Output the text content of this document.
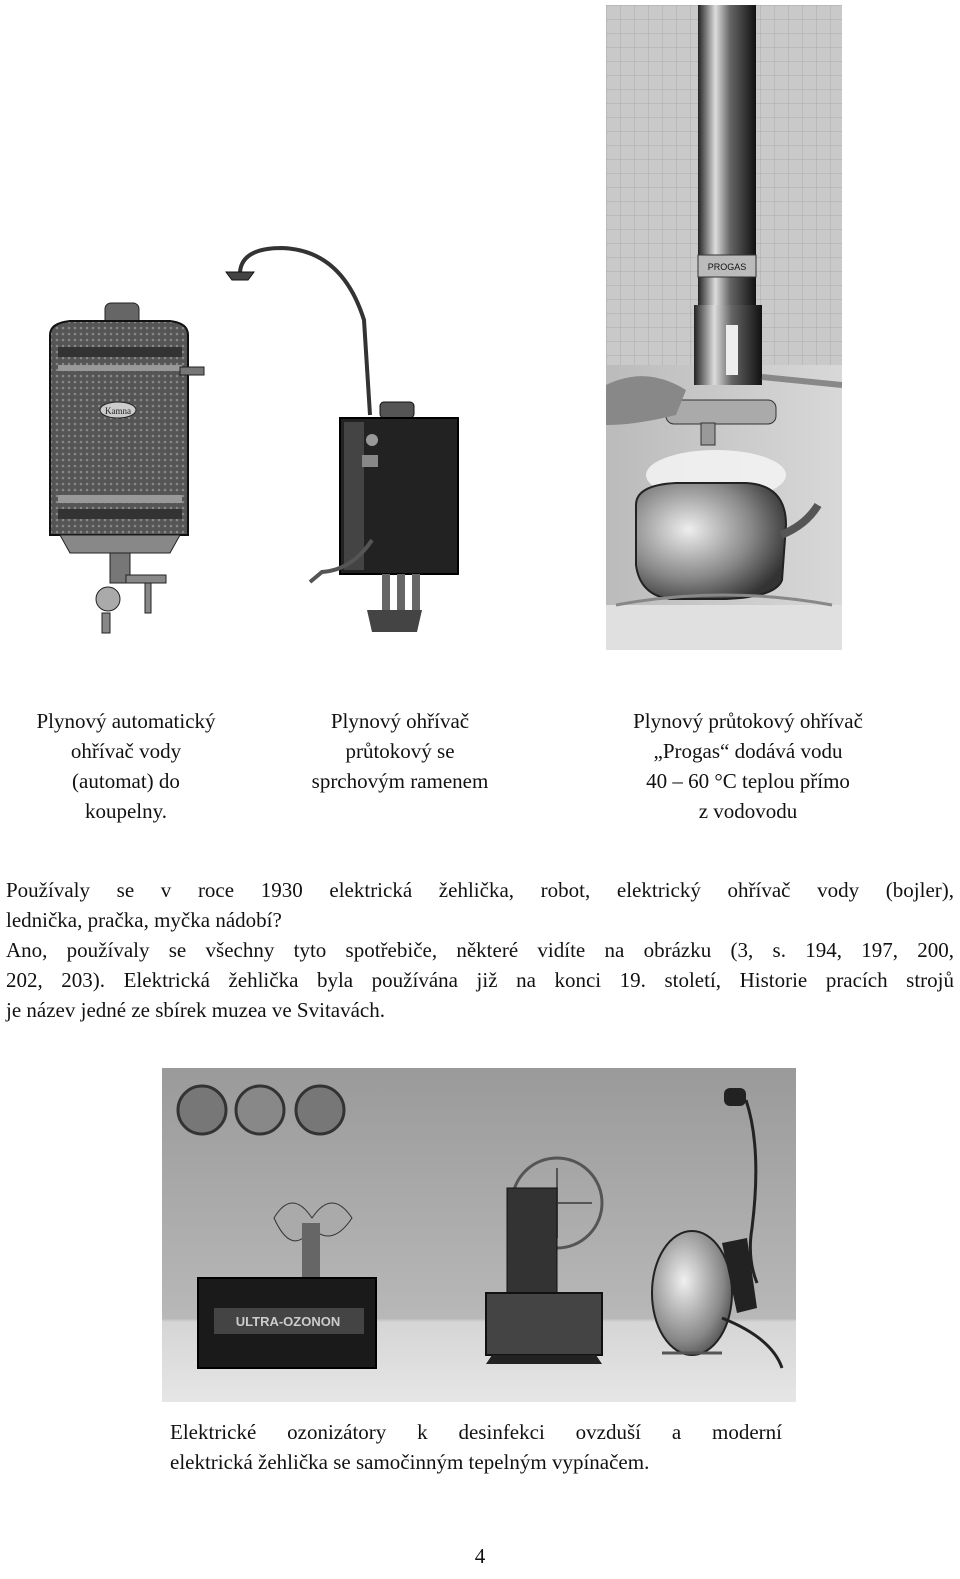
Kamna
PROGAS
Plynový automatický
ohřívač vody
(automat) do
koupelny.
Plynový ohřívač
průtokový se
sprchovým ramenem
Plynový průtokový ohřívač
„Progas“ dodává vodu
40 – 60 °C teplou přímo
z vodovodu
Používaly se v roce 1930 elektrická žehlička, robot, elektrický ohřívač vody (bojler),
lednička, pračka, myčka nádobí?
Ano, používaly se všechny tyto spotřebiče, některé vidíte na obrázku (3, s. 194, 197, 200,
202, 203). Elektrická žehlička byla používána již na konci 19. století, Historie pracích strojů
je název jedné ze sbírek muzea ve Svitavách.
ULTRA-OZONON
Elektrické ozonizátory k desinfekci ovzduší a moderní
elektrická žehlička se samočinným tepelným vypínačem.
4
